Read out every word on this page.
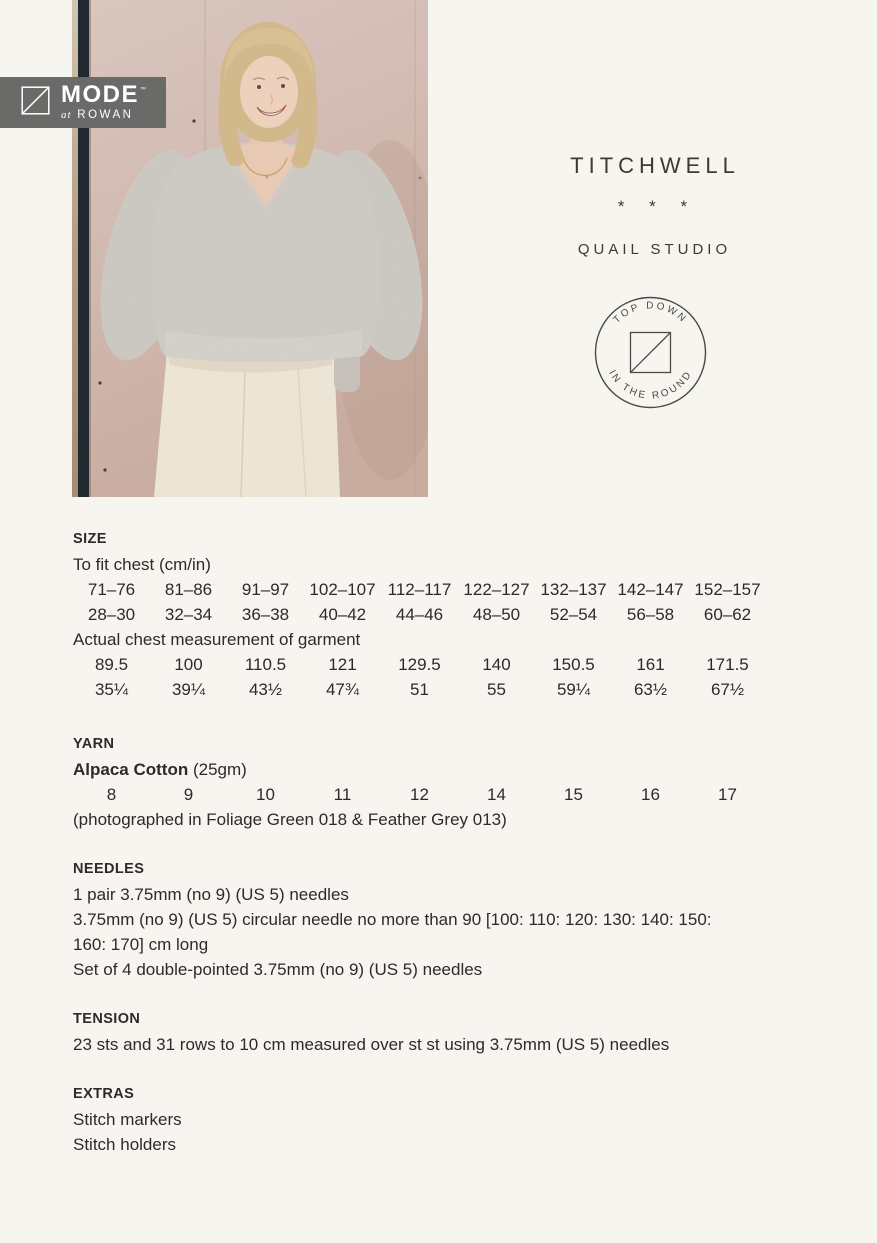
MODE™
at ROWAN
TITCHWELL
* * *
QUAIL STUDIO
TOP DOWN
IN THE ROUND
SIZE
To fit chest (cm/in)
71–76	81–86	91–97	102–107 112–117 122–127 132–137 142–147 152–157
28–30	32–34	36–38	40–42	44–46	48–50	52–54	56–58	60–62
Actual chest measurement of garment
89.5	100	110.5	121	129.5	140	150.5	161	171.5
35¼	39¼	43½	47¾	51	55	59¼	63½	67½
YARN
Alpaca Cotton (25gm)
8	9	10	11	12	14	15	16	17
(photographed in Foliage Green 018 & Feather Grey 013)
NEEDLES
1 pair 3.75mm (no 9) (US 5) needles
3.75mm (no 9) (US 5) circular needle no more than 90 [100: 110: 120: 130: 140: 150:
160: 170] cm long
Set of 4 double-pointed 3.75mm (no 9) (US 5) needles
TENSION
23 sts and 31 rows to 10 cm measured over st st using 3.75mm (US 5) needles
EXTRAS
Stitch markers
Stitch holders
